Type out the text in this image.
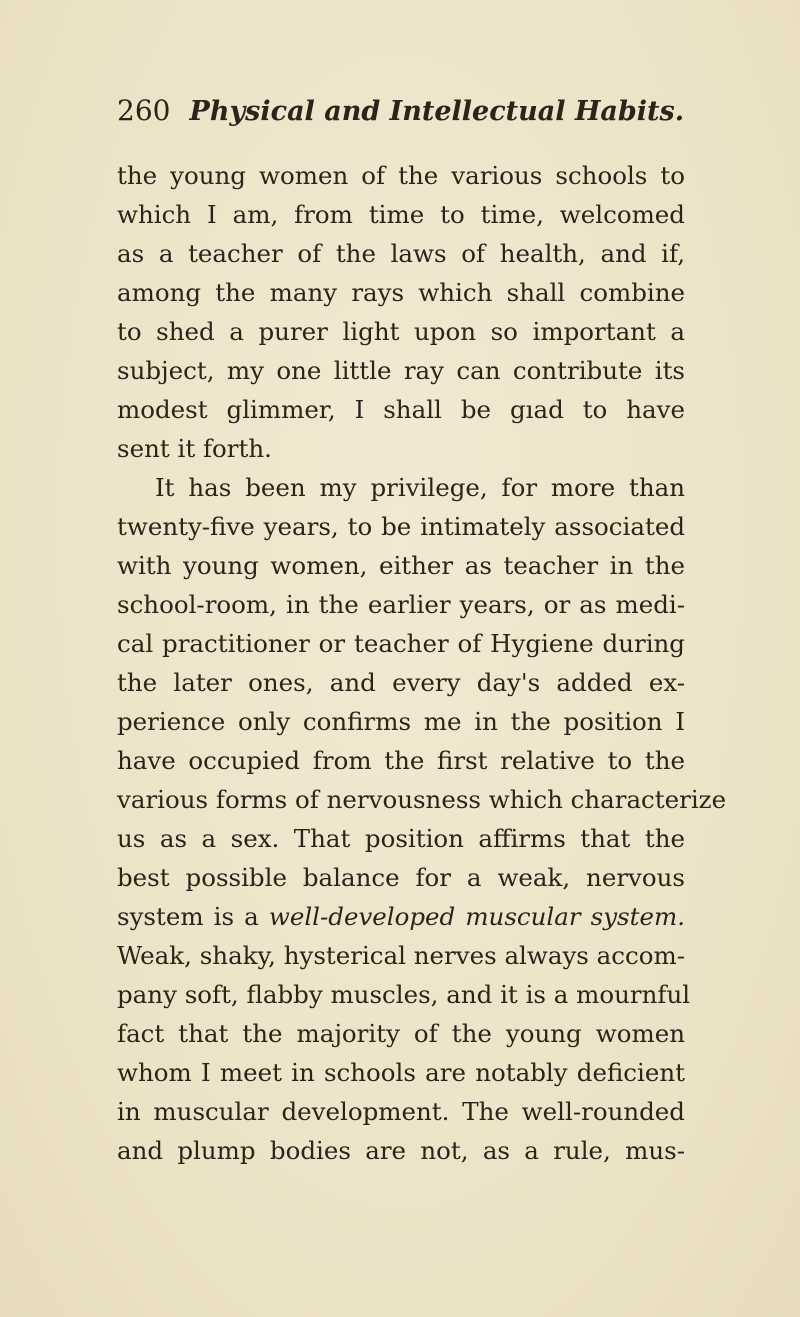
260 Physical and Intellectual Habits.
the young women of the various schools to
which I am, from time to time, welcomed
as a teacher of the laws of health, and if,
among the many rays which shall combine
to shed a purer light upon so important a
subject, my one little ray can contribute its
modest glimmer, I shall be gıad to have
sent it forth.
It has been my privilege, for more than
twenty-five years, to be intimately associated
with young women, either as teacher in the
school-room, in the earlier years, or as medi-
cal practitioner or teacher of Hygiene during
the later ones, and every day's added ex-
perience only confirms me in the position I
have occupied from the first relative to the
various forms of nervousness which characterize
us as a sex. That position affirms that the
best possible balance for a weak, nervous
system is a well-developed muscular system.
Weak, shaky, hysterical nerves always accom-
pany soft, flabby muscles, and it is a mournful
fact that the majority of the young women
whom I meet in schools are notably deficient
in muscular development. The well-rounded
and plump bodies are not, as a rule, mus-
